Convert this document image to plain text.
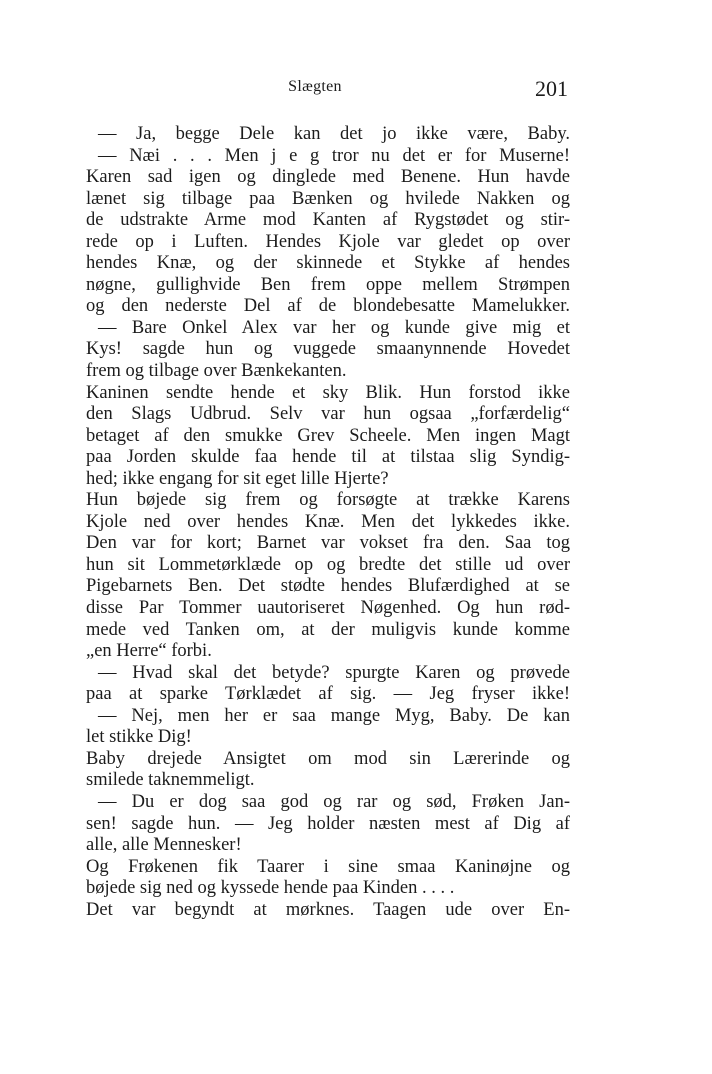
Slægten	201
— Ja, begge Dele kan det jo ikke være, Baby.
— Næi . . . Men j e g tror nu det er for Muserne!
Karen sad igen og dinglede med Benene. Hun havde
lænet sig tilbage paa Bænken og hvilede Nakken og
de udstrakte Arme mod Kanten af Rygstødet og stir-
rede op i Luften. Hendes Kjole var gledet op over
hendes Knæ, og der skinnede et Stykke af hendes
nøgne, gullighvide Ben frem oppe mellem Strømpen
og den nederste Del af de blondebesatte Mamelukker.
— Bare Onkel Alex var her og kunde give mig et
Kys! sagde hun og vuggede smaanynnende Hovedet
frem og tilbage over Bænkekanten.
Kaninen sendte hende et sky Blik. Hun forstod ikke
den Slags Udbrud. Selv var hun ogsaa „forfærdelig“
betaget af den smukke Grev Scheele. Men ingen Magt
paa Jorden skulde faa hende til at tilstaa slig Syndig-
hed; ikke engang for sit eget lille Hjerte?
Hun bøjede sig frem og forsøgte at trække Karens
Kjole ned over hendes Knæ. Men det lykkedes ikke.
Den var for kort; Barnet var vokset fra den. Saa tog
hun sit Lommetørklæde op og bredte det stille ud over
Pigebarnets Ben. Det stødte hendes Blufærdighed at se
disse Par Tommer uautoriseret Nøgenhed. Og hun rød-
mede ved Tanken om, at der muligvis kunde komme
„en Herre“ forbi.
— Hvad skal det betyde? spurgte Karen og prøvede
paa at sparke Tørklædet af sig. — Jeg fryser ikke!
— Nej, men her er saa mange Myg, Baby. De kan
let stikke Dig!
Baby drejede Ansigtet om mod sin Lærerinde og
smilede taknemmeligt.
— Du er dog saa god og rar og sød, Frøken Jan-
sen! sagde hun. — Jeg holder næsten mest af Dig af
alle, alle Mennesker!
Og Frøkenen fik Taarer i sine smaa Kaninøjne og
bøjede sig ned og kyssede hende paa Kinden . . . .
Det var begyndt at mørknes. Taagen ude over En-
